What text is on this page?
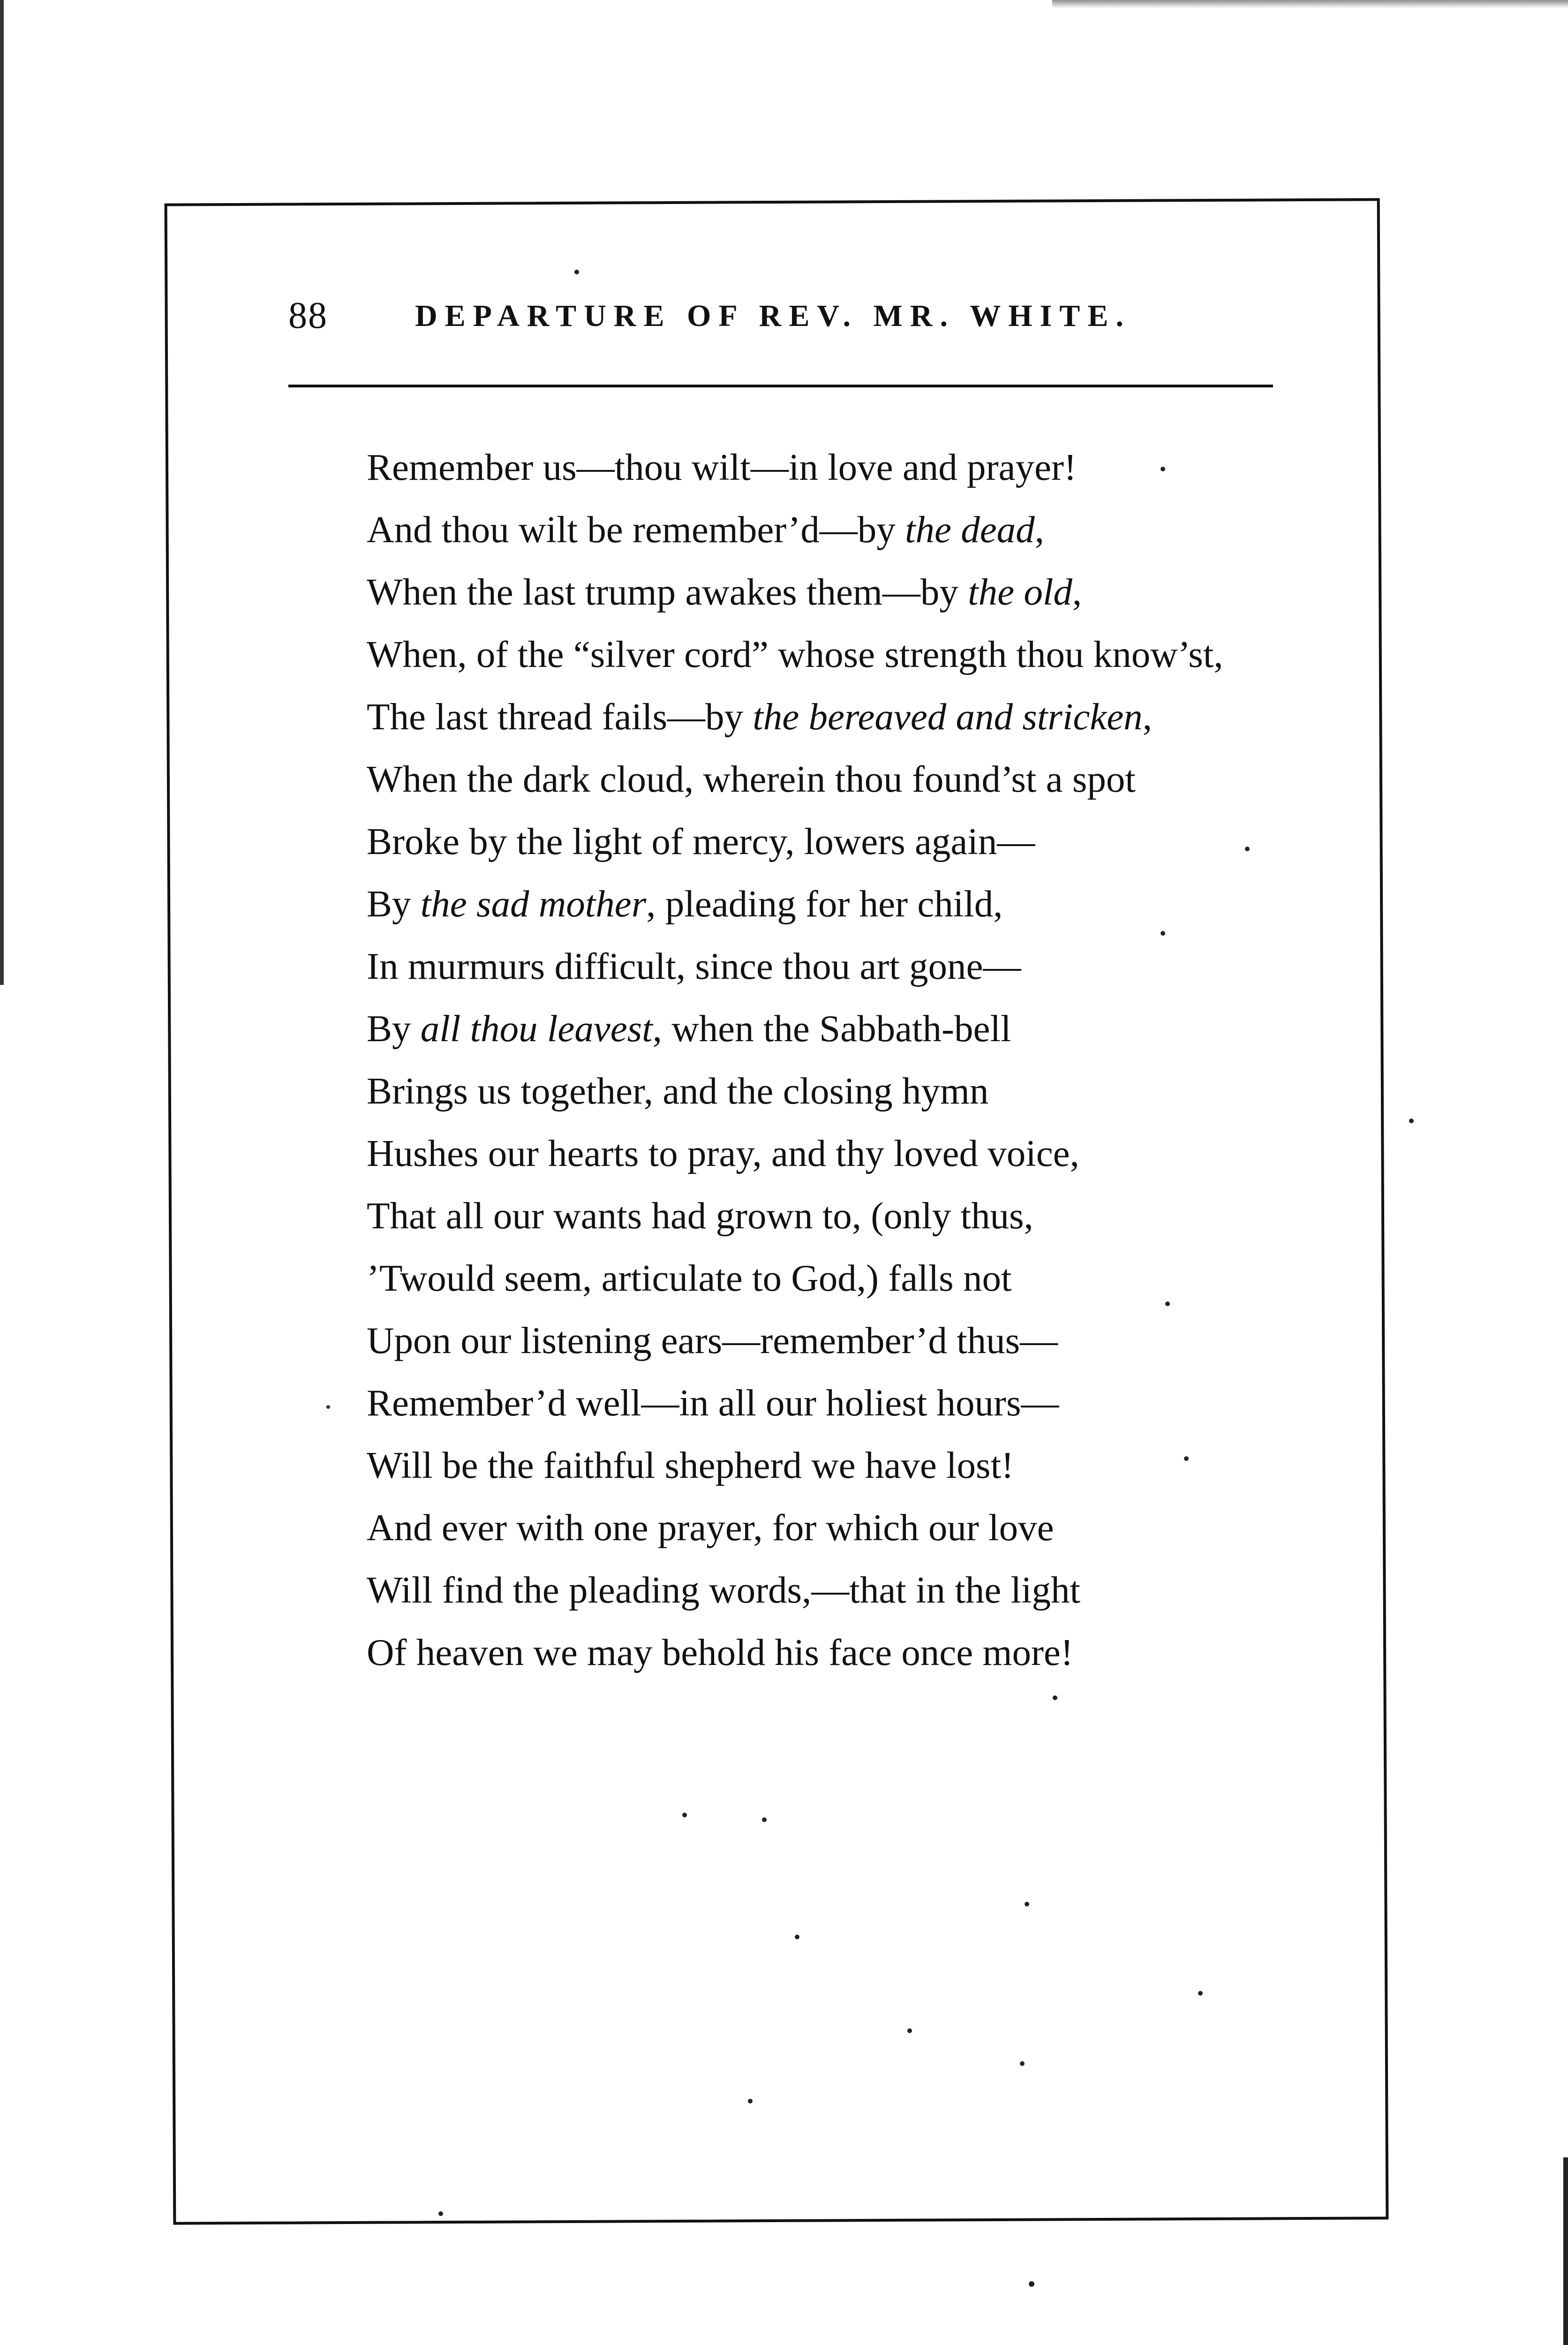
88	DEPARTURE OF REV. MR. WHITE.
Remember us—thou wilt—in love and prayer!
And thou wilt be remember’d—by the dead,
When the last trump awakes them—by the old,
When, of the “silver cord” whose strength thou know’st,
The last thread fails—by the bereaved and stricken,
When the dark cloud, wherein thou found’st a spot
Broke by the light of mercy, lowers again—
By the sad mother, pleading for her child,
In murmurs difficult, since thou art gone—
By all thou leavest, when the Sabbath-bell
Brings us together, and the closing hymn
Hushes our hearts to pray, and thy loved voice,
That all our wants had grown to, (only thus,
’Twould seem, articulate to God,) falls not
Upon our listening ears—remember’d thus—
Remember’d well—in all our holiest hours—
Will be the faithful shepherd we have lost!
And ever with one prayer, for which our love
Will find the pleading words,—that in the light
Of heaven we may behold his face once more!
